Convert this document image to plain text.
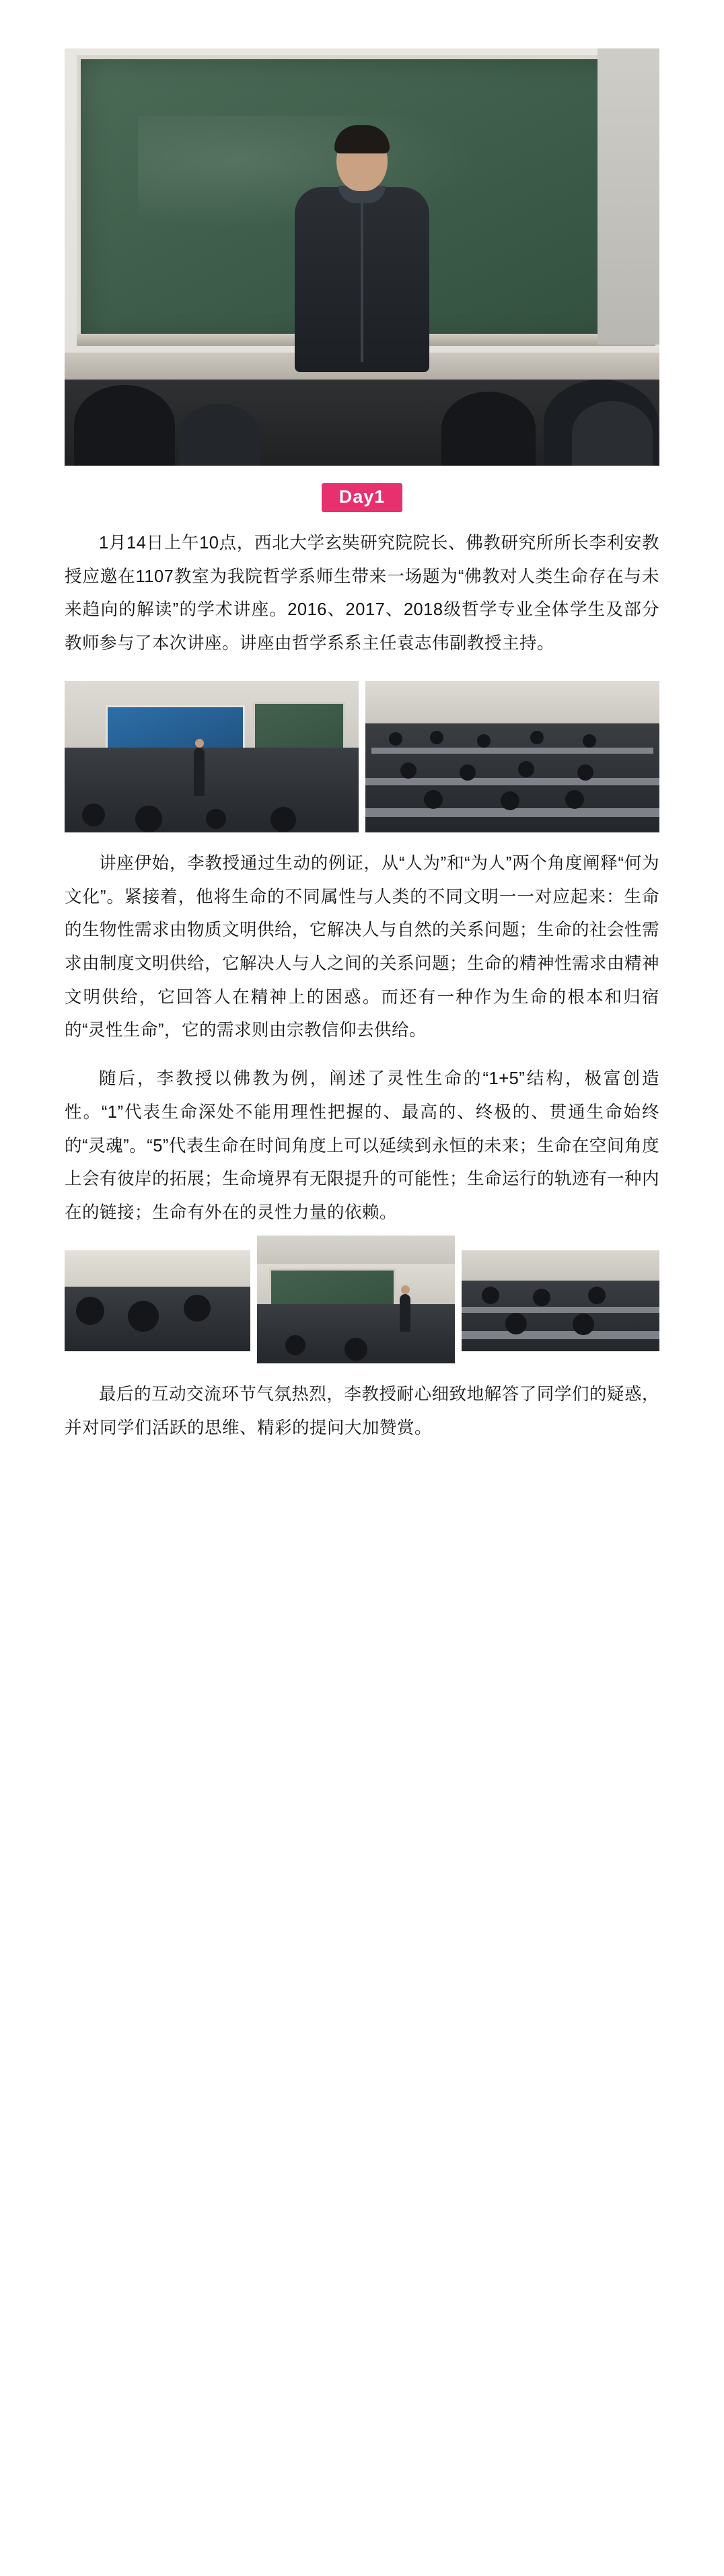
Day1

1月14日上午10点，西北大学玄奘研究院院长、佛教研究所所长李利安教授应邀在1107教室为我院哲学系师生带来一场题为“佛教对人类生命存在与未来趋向的解读”的学术讲座。2016、2017、2018级哲学专业全体学生及部分教师参与了本次讲座。讲座由哲学系系主任袁志伟副教授主持。

讲座伊始，李教授通过生动的例证，从“人为”和“为人”两个角度阐释“何为文化”。紧接着，他将生命的不同属性与人类的不同文明一一对应起来：生命的生物性需求由物质文明供给，它解决人与自然的关系问题；生命的社会性需求由制度文明供给，它解决人与人之间的关系问题；生命的精神性需求由精神文明供给，它回答人在精神上的困惑。而还有一种作为生命的根本和归宿的“灵性生命”，它的需求则由宗教信仰去供给。

随后，李教授以佛教为例，阐述了灵性生命的“1+5”结构，极富创造性。“1”代表生命深处不能用理性把握的、最高的、终极的、贯通生命始终的“灵魂”。“5”代表生命在时间角度上可以延续到永恒的未来；生命在空间角度上会有彼岸的拓展；生命境界有无限提升的可能性；生命运行的轨迹有一种内在的链接；生命有外在的灵性力量的依赖。

最后的互动交流环节气氛热烈，李教授耐心细致地解答了同学们的疑惑，并对同学们活跃的思维、精彩的提问大加赞赏。
